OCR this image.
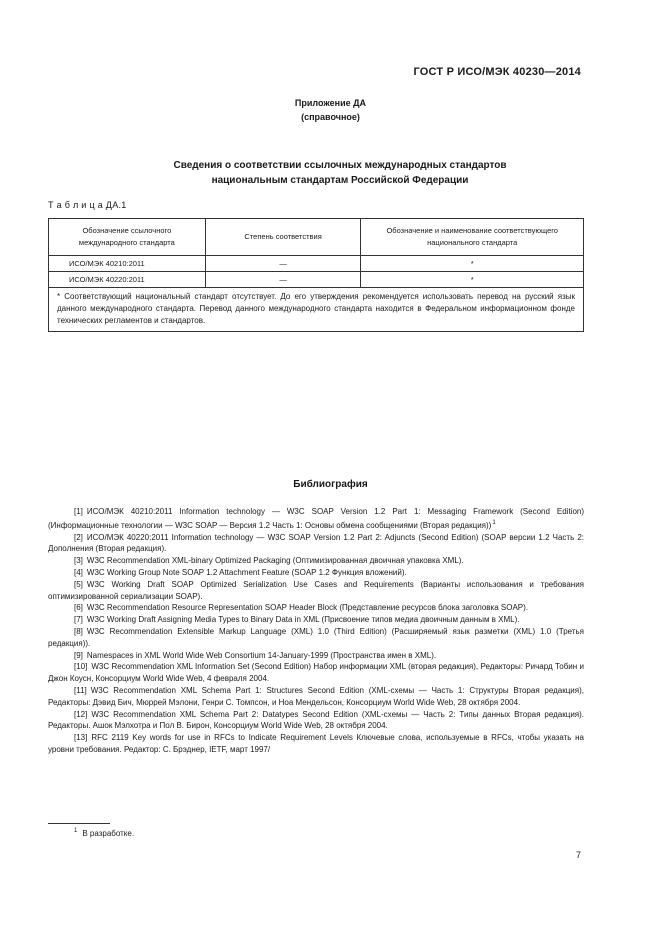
ГОСТ Р ИСО/МЭК 40230—2014
Приложение ДА
(справочное)
Сведения о соответствии ссылочных международных стандартов
национальным стандартам Российской Федерации
Т а б л и ц а ДА.1
Обозначение ссылочного
международного стандарта	Степень соответствия	Обозначение и наименование соответствующего
национального стандарта
ИСО/МЭК 40210:2011	—	*
ИСО/МЭК 40220:2011	—	*
* Соответствующий национальный стандарт отсутствует. До его утверждения рекомендуется использовать перевод на русский язык данного международного стандарта. Перевод данного международного стандарта находится в Федеральном информационном фонде технических регламентов и стандартов.		
Библиография

[1] ИСО/МЭК 40210:2011 Information technology — W3C SOAP Version 1.2 Part 1: Messaging Framework (Second Edition) (Информационные технологии — W3C SOAP — Версия 1.2 Часть 1: Основы обмена сообщениями (Вторая редакция))$^1$

[2] ИСО/МЭК 40220:2011 Information technology — W3C SOAP Version 1.2 Part 2: Adjuncts (Second Edition) (SOAP версии 1.2 Часть 2: Дополнения (Вторая редакция).

[3] W3C Recommendation XML-binary Optimized Packaging (Оптимизированная двоичная упаковка XML).

[4] W3C Working Group Note SOAP 1.2 Attachment Feature (SOAP 1.2 Функция вложений).

[5] W3C Working Draft SOAP Optimized Serialization Use Cases and Requirements (Варианты использования и требования оптимизированной сериализации SOAP).

[6] W3C Recommendation Resource Representation SOAP Header Block (Представление ресурсов блока заголовка SOAP).

[7] W3C Working Draft Assigning Media Types to Binary Data in XML (Присвоение типов медиа двоичным данным в XML).

[8] W3C Recommendation Extensible Markup Language (XML) 1.0 (Third Edition) (Расширяемый язык разметки (XML) 1.0 (Третья редакция)).

[9] Namespaces in XML World Wide Web Consortium 14-January-1999 (Пространства имен в XML).

[10] W3C Recommendation XML Information Set (Second Edition) Набор информации XML (вторая редакция), Редакторы: Ричард Тобин и Джон Коусн, Консорциум World Wide Web, 4 февраля 2004.

[11] W3C Recommendation XML Schema Part 1: Structures Second Edition (XML-схемы — Часть 1: Структуры Вторая редакция), Редакторы: Дэвид Бич, Мюррей Мэлони, Генри С. Томпсон, и Ноа Мендельсон, Консорциум World Wide Web, 28 октября 2004.

[12] W3C Recommendation XML Schema Part 2: Datatypes Second Edition (XML-схемы — Часть 2: Типы данных Вторая редакция). Редакторы. Ашок Мэлхотра и Пол В. Бирон, Консорциум World Wide Web, 28 октября 2004.

[13] RFC 2119 Key words for use in RFCs to Indicate Requirement Levels Ключевые слова, используемые в RFCs, чтобы указать на уровни требования. Редактор: С. Брэднер, IETF, март 1997/

$^1$ В разработке.
7
